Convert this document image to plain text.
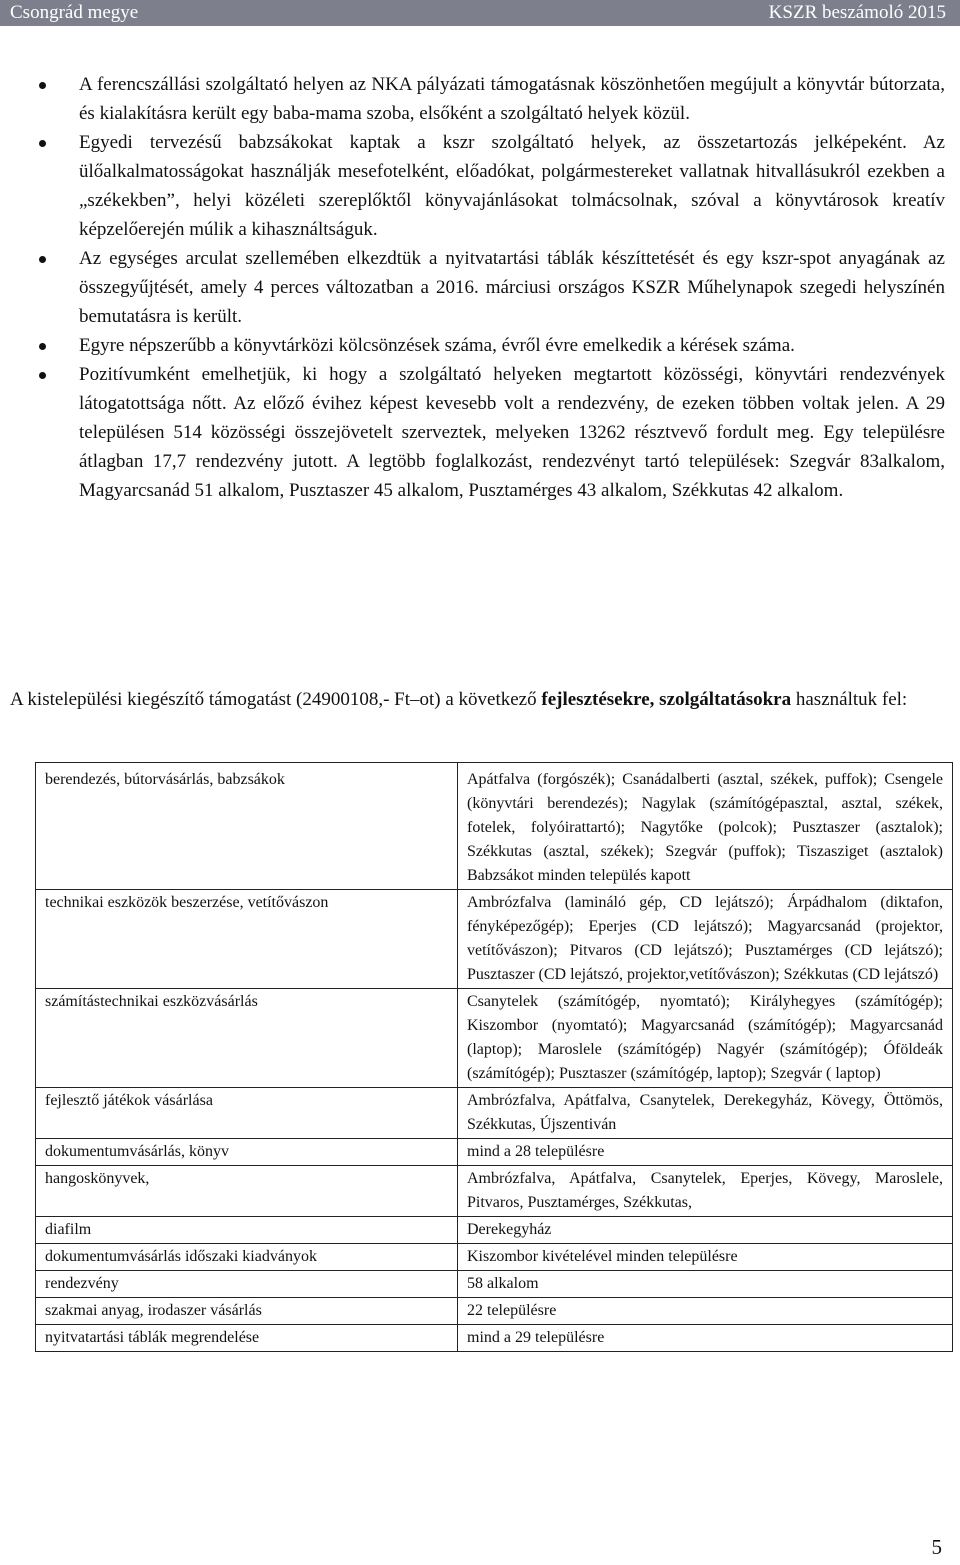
Csongrád megye	KSZR beszámoló 2015
A ferencszállási szolgáltató helyen az NKA pályázati támogatásnak köszönhetően megújult a könyvtár bútorzata, és kialakításra került egy baba-mama szoba, elsőként a szolgáltató helyek közül.
Egyedi tervezésű babzsákokat kaptak a kszr szolgáltató helyek, az összetartozás jelképeként. Az ülőalkalmatosságokat használják mesefotelként, előadókat, polgármestereket vallatnak hitvallásukról ezekben a „székekben”, helyi közéleti szereplőktől könyvajánlásokat tolmácsolnak, szóval a könyvtárosok kreatív képzelőerején múlik a kihasználtságuk.
Az egységes arculat szellemében elkezdtük a nyitvatartási táblák készíttetését és egy kszr-spot anyagának az összegyűjtését, amely 4 perces változatban a 2016. márciusi országos KSZR Műhelynapok szegedi helyszínén bemutatásra is került.
Egyre népszerűbb a könyvtárközi kölcsönzések száma, évről évre emelkedik a kérések száma.
Pozitívumként emelhetjük, ki hogy a szolgáltató helyeken megtartott közösségi, könyvtári rendezvények látogatottsága nőtt. Az előző évihez képest kevesebb volt a rendezvény, de ezeken többen voltak jelen. A 29 településen 514 közösségi összejövetelt szerveztek, melyeken 13262 résztvevő fordult meg. Egy településre átlagban 17,7 rendezvény jutott. A legtöbb foglalkozást, rendezvényt tartó települések: Szegvár 83alkalom, Magyarcsanád 51 alkalom, Pusztaszer 45 alkalom, Pusztamérges 43 alkalom, Székkutas 42 alkalom.
A kistelepülési kiegészítő támogatást (24900108,- Ft–ot) a következő fejlesztésekre, szolgáltatásokra használtuk fel:
berendezés, bútorvásárlás, babzsákok	Apátfalva (forgószék); Csanádalberti (asztal, székek, puffok); Csengele (könyvtári berendezés); Nagylak (számítógépasztal, asztal, székek, fotelek, folyóirattartó); Nagytőke (polcok); Pusztaszer (asztalok); Székkutas (asztal, székek); Szegvár (puffok); Tiszasziget (asztalok) Babzsákot minden település kapott
technikai eszközök beszerzése, vetítővászon	Ambrózfalva (lamináló gép, CD lejátszó); Árpádhalom (diktafon, fényképezőgép); Eperjes (CD lejátszó); Magyarcsanád (projektor, vetítővászon); Pitvaros (CD lejátszó); Pusztamérges (CD lejátszó); Pusztaszer (CD lejátszó, projektor,vetítővászon); Székkutas (CD lejátszó)
számítástechnikai eszközvásárlás	Csanytelek (számítógép, nyomtató); Királyhegyes (számítógép); Kiszombor (nyomtató); Magyarcsanád (számítógép); Magyarcsanád (laptop); Maroslele (számítógép) Nagyér (számítógép); Óföldeák (számítógép); Pusztaszer (számítógép, laptop); Szegvár ( laptop)
fejlesztő játékok vásárlása	Ambrózfalva, Apátfalva, Csanytelek, Derekegyház, Kövegy, Öttömös, Székkutas, Újszentiván
dokumentumvásárlás, könyv	mind a 28 településre
hangoskönyvek,	Ambrózfalva, Apátfalva, Csanytelek, Eperjes, Kövegy, Maroslele, Pitvaros, Pusztamérges, Székkutas,
diafilm	Derekegyház
dokumentumvásárlás időszaki kiadványok	Kiszombor kivételével minden településre
rendezvény	58 alkalom
szakmai anyag, irodaszer vásárlás	22 településre
nyitvatartási táblák megrendelése	mind a 29 településre
5
